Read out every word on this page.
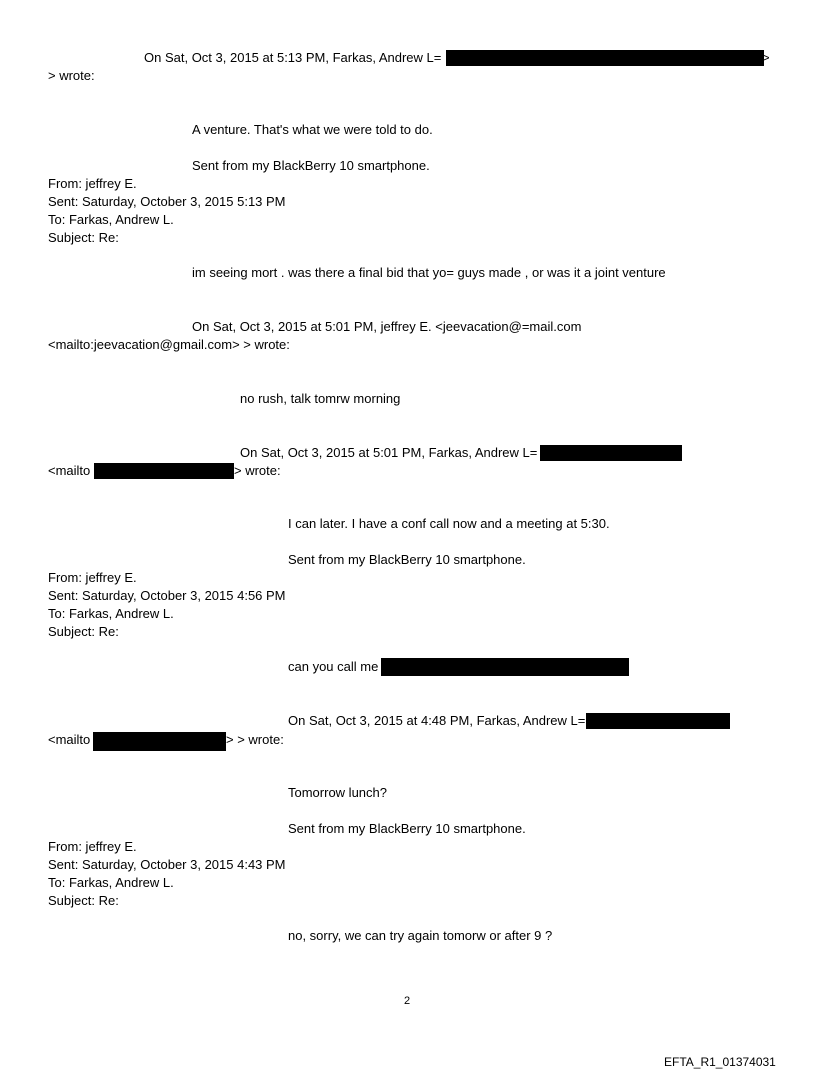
On Sat, Oct 3, 2015 at 5:13 PM, Farkas, Andrew L=	>
> wrote:
A venture. That's what we were told to do.
Sent from my BlackBerry 10 smartphone.
From: jeffrey E.
Sent: Saturday, October 3, 2015 5:13 PM
To: Farkas, Andrew L.
Subject: Re:
im seeing mort . was there a final bid that yo= guys made , or was it a joint venture
On Sat, Oct 3, 2015 at 5:01 PM, jeffrey E. <jeevacation@=mail.com
<mailto:jeevacation@gmail.com> > wrote:
no rush, talk tomrw morning
On Sat, Oct 3, 2015 at 5:01 PM, Farkas, Andrew L=
<mailto	> wrote:
I can later. I have a conf call now and a meeting at 5:30.
Sent from my BlackBerry 10 smartphone.
From: jeffrey E.
Sent: Saturday, October 3, 2015 4:56 PM
To: Farkas, Andrew L.
Subject: Re:
can you call me
On Sat, Oct 3, 2015 at 4:48 PM, Farkas, Andrew L=
<mailto	> > wrote:
Tomorrow lunch?
Sent from my BlackBerry 10 smartphone.
From: jeffrey E.
Sent: Saturday, October 3, 2015 4:43 PM
To: Farkas, Andrew L.
Subject: Re:
no, sorry, we can try again tomorw or after 9 ?
2
EFTA_R1_01374031
